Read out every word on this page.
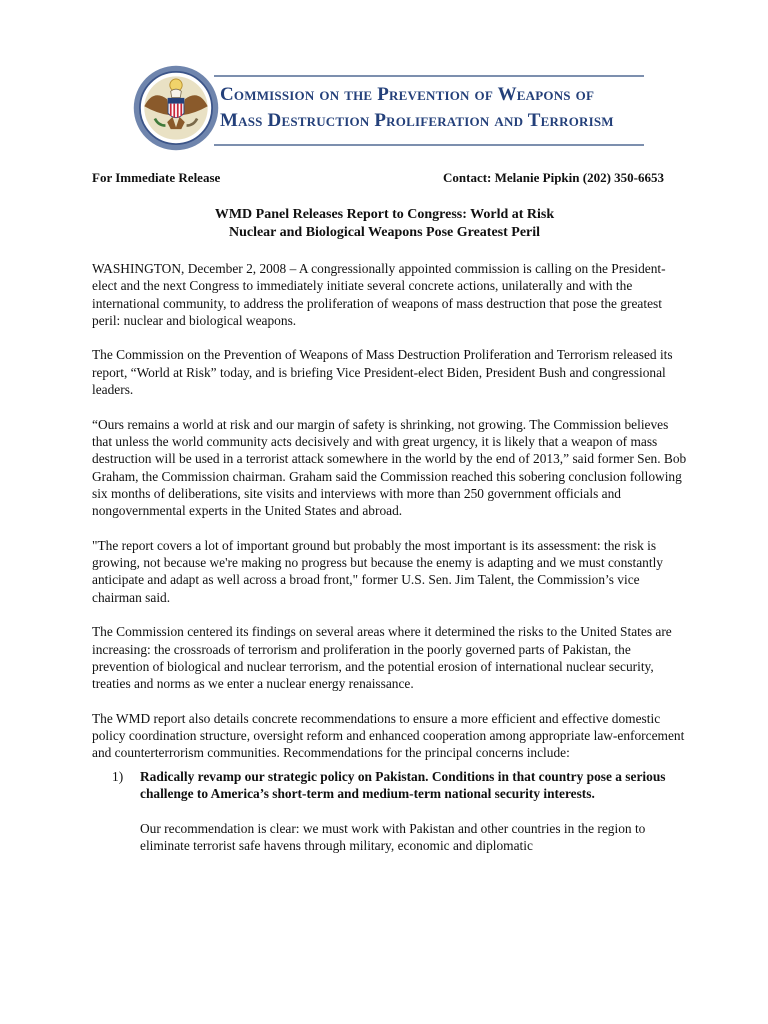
Commission on the Prevention of Weapons of
Mass Destruction Proliferation and Terrorism
For Immediate Release	Contact: Melanie Pipkin (202) 350-6653
WMD Panel Releases Report to Congress: World at Risk
Nuclear and Biological Weapons Pose Greatest Peril

WASHINGTON, December 2, 2008 – A congressionally appointed commission is calling on the President-elect and the next Congress to immediately initiate several concrete actions, unilaterally and with the international community, to address the proliferation of weapons of mass destruction that pose the greatest peril: nuclear and biological weapons.

The Commission on the Prevention of Weapons of Mass Destruction Proliferation and Terrorism released its report, “World at Risk” today, and is briefing Vice President-elect Biden, President Bush and congressional leaders.

“Ours remains a world at risk and our margin of safety is shrinking, not growing. The Commission believes that unless the world community acts decisively and with great urgency, it is likely that a weapon of mass destruction will be used in a terrorist attack somewhere in the world by the end of 2013,” said former Sen. Bob Graham, the Commission chairman. Graham said the Commission reached this sobering conclusion following six months of deliberations, site visits and interviews with more than 250 government officials and nongovernmental experts in the United States and abroad.

"The report covers a lot of important ground but probably the most important is its assessment: the risk is growing, not because we're making no progress but because the enemy is adapting and we must constantly anticipate and adapt as well across a broad front," former U.S. Sen. Jim Talent, the Commission’s vice chairman said.

The Commission centered its findings on several areas where it determined the risks to the United States are increasing: the crossroads of terrorism and proliferation in the poorly governed parts of Pakistan, the prevention of biological and nuclear terrorism, and the potential erosion of international nuclear security, treaties and norms as we enter a nuclear energy renaissance.

The WMD report also details concrete recommendations to ensure a more efficient and effective domestic policy coordination structure, oversight reform and enhanced cooperation among appropriate law-enforcement and counterterrorism communities. Recommendations for the principal concerns include:

1)	Radically revamp our strategic policy on Pakistan. Conditions in that country pose a serious challenge to America’s short-term and medium-term national security interests.

Our recommendation is clear: we must work with Pakistan and other countries in the region to eliminate terrorist safe havens through military, economic and diplomatic
